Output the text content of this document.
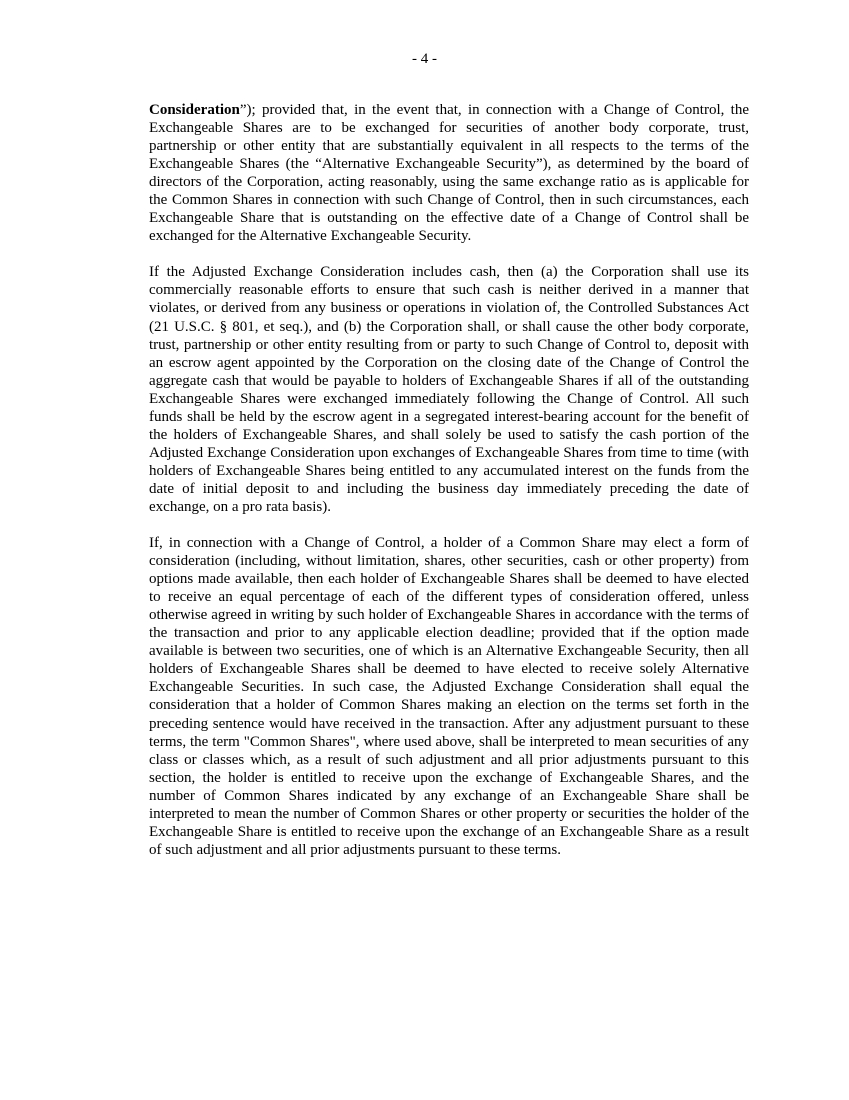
- 4 -

Consideration”); provided that, in the event that, in connection with a Change of Control, the Exchangeable Shares are to be exchanged for securities of another body corporate, trust, partnership or other entity that are substantially equivalent in all respects to the terms of the Exchangeable Shares (the “Alternative Exchangeable Security”), as determined by the board of directors of the Corporation, acting reasonably, using the same exchange ratio as is applicable for the Common Shares in connection with such Change of Control, then in such circumstances, each Exchangeable Share that is outstanding on the effective date of a Change of Control shall be exchanged for the Alternative Exchangeable Security.

If the Adjusted Exchange Consideration includes cash, then (a) the Corporation shall use its commercially reasonable efforts to ensure that such cash is neither derived in a manner that violates, or derived from any business or operations in violation of, the Controlled Substances Act (21 U.S.C. § 801, et seq.), and (b) the Corporation shall, or shall cause the other body corporate, trust, partnership or other entity resulting from or party to such Change of Control to, deposit with an escrow agent appointed by the Corporation on the closing date of the Change of Control the aggregate cash that would be payable to holders of Exchangeable Shares if all of the outstanding Exchangeable Shares were exchanged immediately following the Change of Control. All such funds shall be held by the escrow agent in a segregated interest-bearing account for the benefit of the holders of Exchangeable Shares, and shall solely be used to satisfy the cash portion of the Adjusted Exchange Consideration upon exchanges of Exchangeable Shares from time to time (with holders of Exchangeable Shares being entitled to any accumulated interest on the funds from the date of initial deposit to and including the business day immediately preceding the date of exchange, on a pro rata basis).

If, in connection with a Change of Control, a holder of a Common Share may elect a form of consideration (including, without limitation, shares, other securities, cash or other property) from options made available, then each holder of Exchangeable Shares shall be deemed to have elected to receive an equal percentage of each of the different types of consideration offered, unless otherwise agreed in writing by such holder of Exchangeable Shares in accordance with the terms of the transaction and prior to any applicable election deadline; provided that if the option made available is between two securities, one of which is an Alternative Exchangeable Security, then all holders of Exchangeable Shares shall be deemed to have elected to receive solely Alternative Exchangeable Securities. In such case, the Adjusted Exchange Consideration shall equal the consideration that a holder of Common Shares making an election on the terms set forth in the preceding sentence would have received in the transaction. After any adjustment pursuant to these terms, the term "Common Shares", where used above, shall be interpreted to mean securities of any class or classes which, as a result of such adjustment and all prior adjustments pursuant to this section, the holder is entitled to receive upon the exchange of Exchangeable Shares, and the number of Common Shares indicated by any exchange of an Exchangeable Share shall be interpreted to mean the number of Common Shares or other property or securities the holder of the Exchangeable Share is entitled to receive upon the exchange of an Exchangeable Share as a result of such adjustment and all prior adjustments pursuant to these terms.
